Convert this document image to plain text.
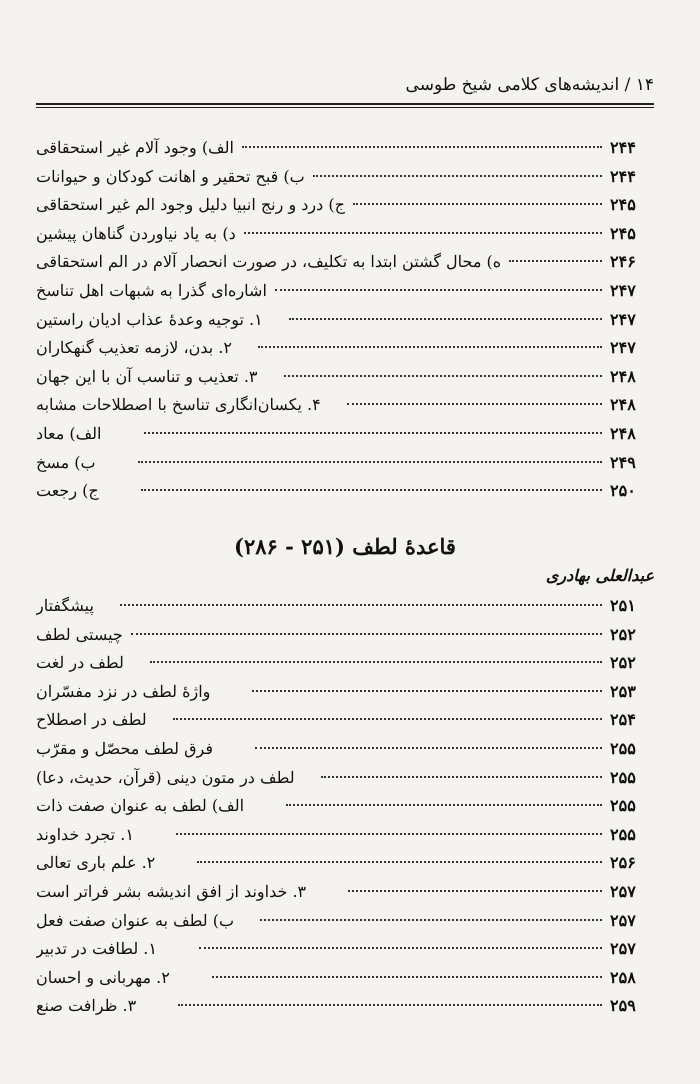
۱۴ / اندیشه‌های کلامی شیخ طوسی
الف) وجود آلام غیر استحقاقی	۲۴۴
ب) قبح تحقیر و اهانت کودکان و حیوانات	۲۴۴
ج) درد و رنج انبیا دلیل وجود الم غیر استحقاقی	۲۴۵
د) به یاد نیاوردن گناهان پیشین	۲۴۵
ه) محال گشتن ابتدا به تکلیف، در صورت انحصار آلام در الم استحقاقی	۲۴۶
اشاره‌ای گذرا به شبهات اهل تناسخ	۲۴۷
۱. توجیه وعدهٔ عذاب ادیان راستین	۲۴۷
۲. بدن، لازمه تعذیب گنهکاران	۲۴۷
۳. تعذیب و تناسب آن با این جهان	۲۴۸
۴. یکسان‌انگاری تناسخ با اصطلاحات مشابه	۲۴۸
الف) معاد	۲۴۸
ب) مسخ	۲۴۹
ج) رجعت	۲۵۰
قاعدهٔ لطف (۲۵۱ - ۲۸۶)
عبدالعلی بهادری
پیشگفتار	۲۵۱
چیستی لطف	۲۵۲
لطف در لغت	۲۵۲
واژهٔ لطف در نزد مفسّران	۲۵۳
لطف در اصطلاح	۲۵۴
فرق لطف محصّل و مقرّب	۲۵۵
لطف در متون دینی (قرآن، حدیث، دعا)	۲۵۵
الف) لطف به عنوان صفت ذات	۲۵۵
۱. تجرد خداوند	۲۵۵
۲. علم باری تعالی	۲۵۶
۳. خداوند از افق اندیشه بشر فراتر است	۲۵۷
ب) لطف به عنوان صفت فعل	۲۵۷
۱. لطافت در تدبیر	۲۵۷
۲. مهربانی و احسان	۲۵۸
۳. ظرافت صنع	۲۵۹
